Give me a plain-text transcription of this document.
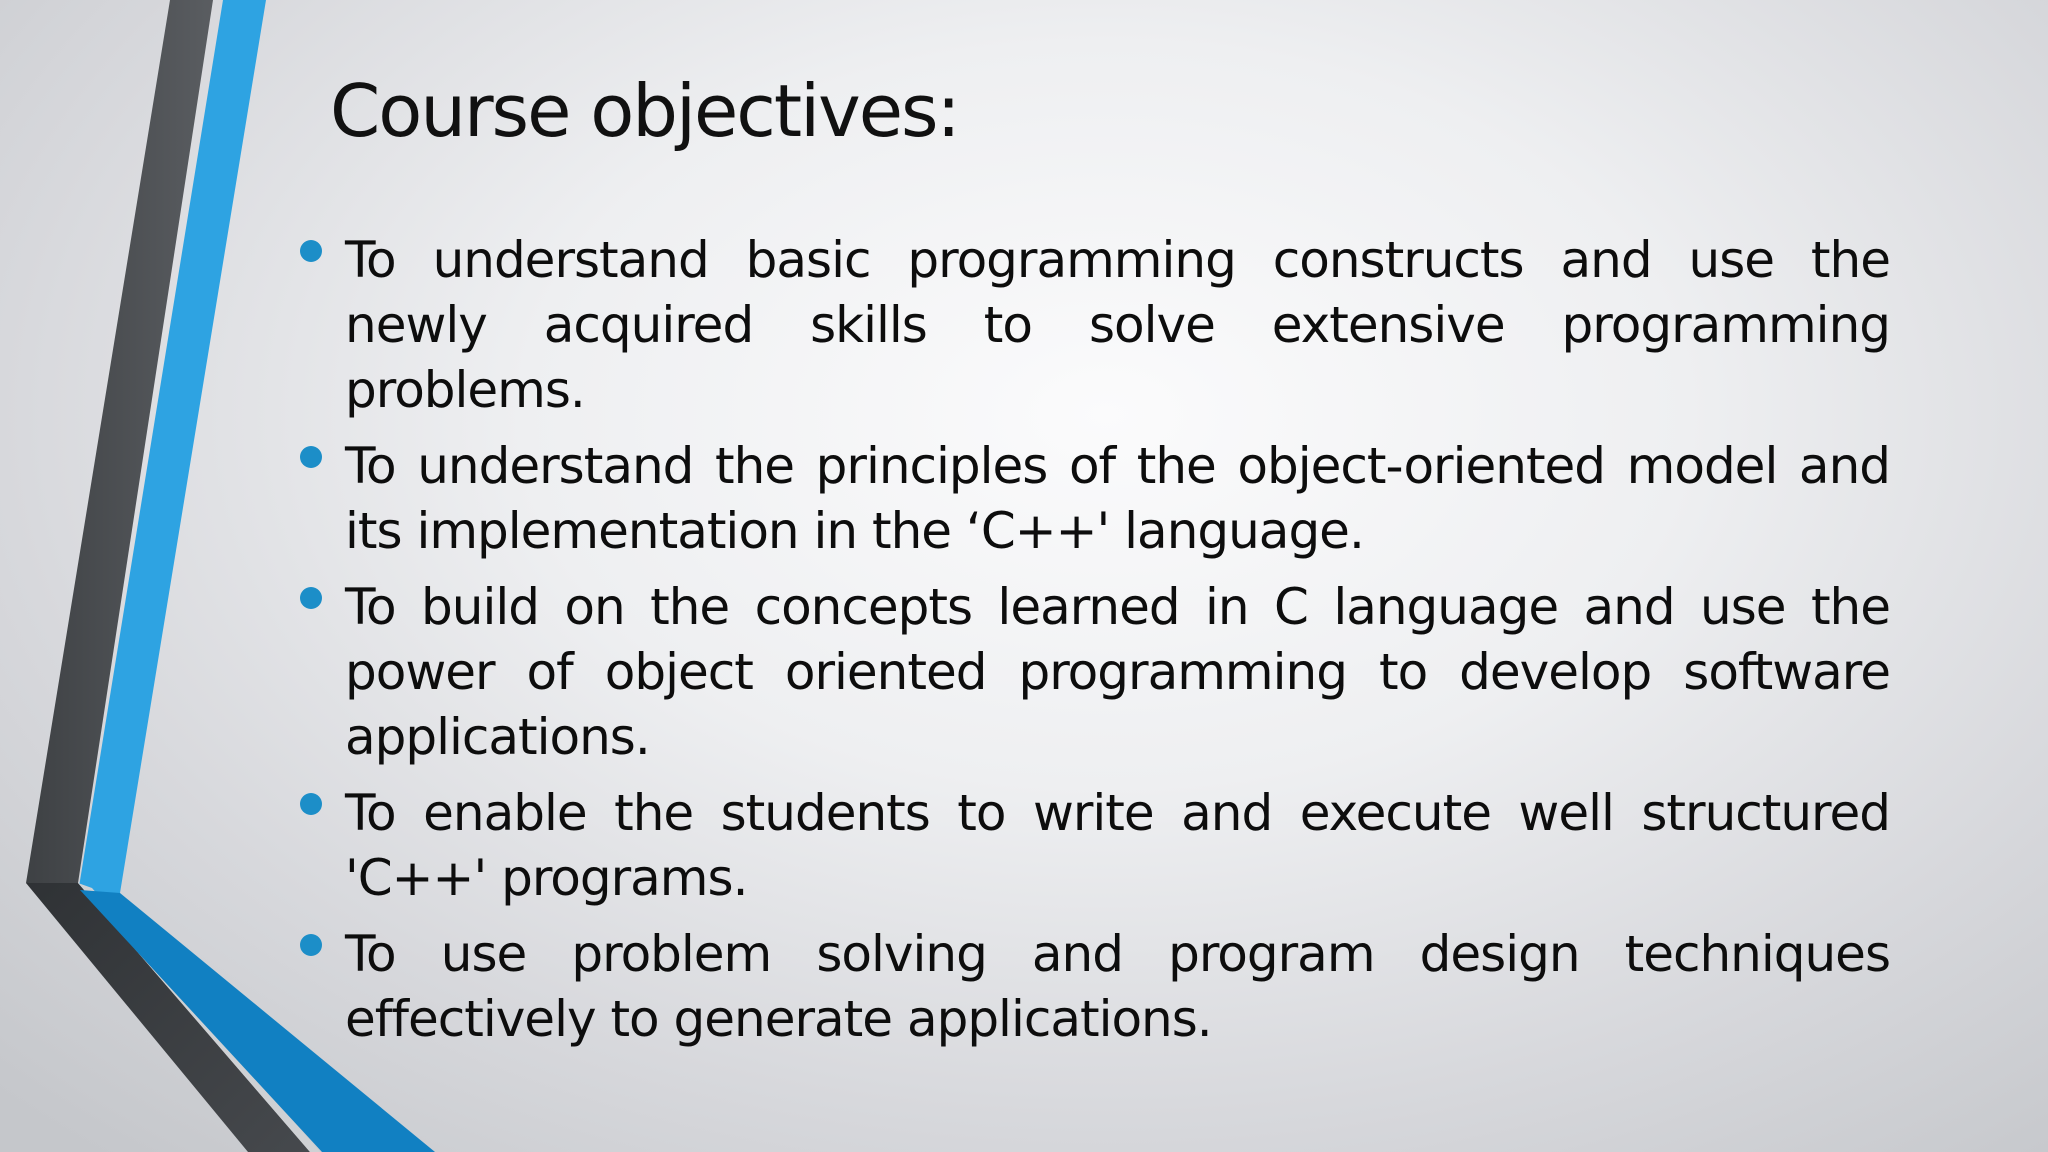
Course objectives:
To understand basic programming constructs and use the newly acquired skills to solve extensive programming problems.
To understand the principles of the object-oriented model and its implementation in the ‘C++' language.
To build on the concepts learned in C language and use the power of object oriented programming to develop software applications.
To enable the students to write and execute well structured 'C++' programs.
To use problem solving and program design techniques effectively to generate applications.
